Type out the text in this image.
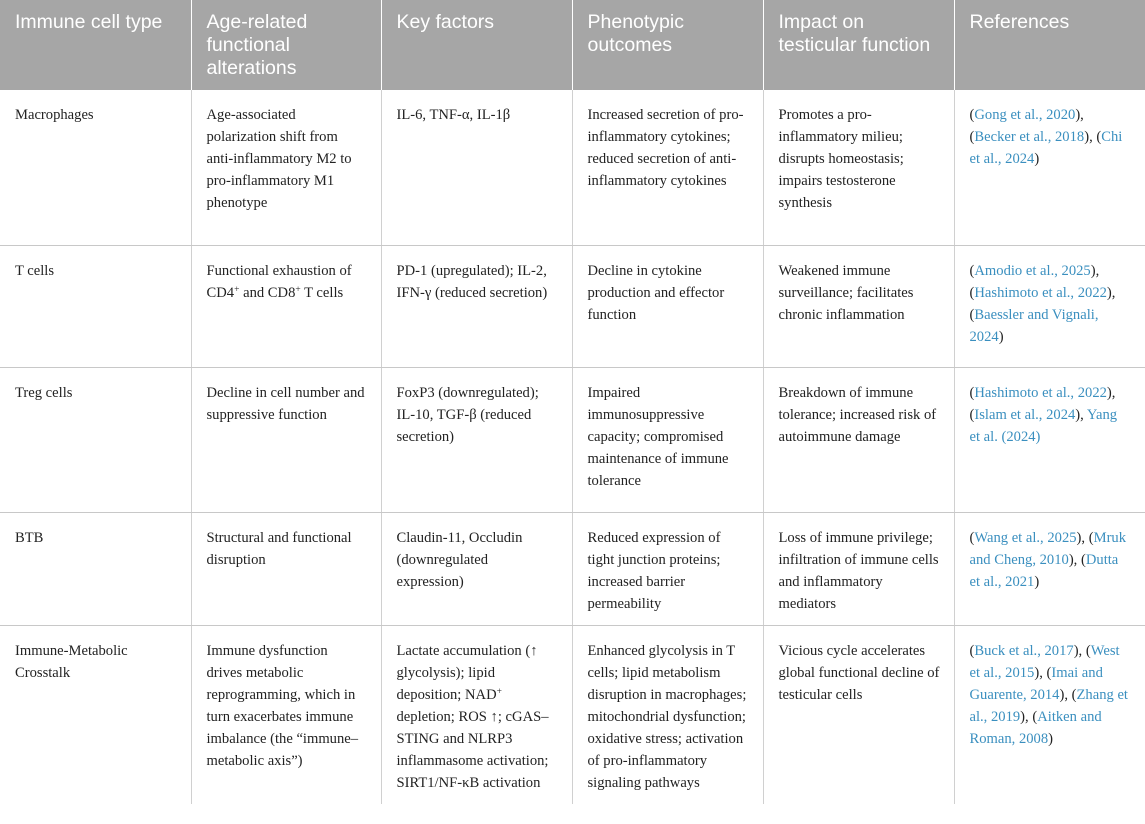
Immune cell type	Age-related functional alterations	Key factors	Phenotypic outcomes	Impact on testicular function	References
Macrophages	Age-associated polarization shift from anti-inflammatory M2 to pro-inflammatory M1 phenotype	IL-6, TNF-α, IL-1β	Increased secretion of pro-inflammatory cytokines; reduced secretion of anti-inflammatory cytokines	Promotes a pro-inflammatory milieu; disrupts homeostasis; impairs testosterone synthesis	(Gong et al., 2020), (Becker et al., 2018), (Chi et al., 2024)
T cells	Functional exhaustion of CD4+ and CD8+ T cells	PD-1 (upregulated); IL-2, IFN-γ (reduced secretion)	Decline in cytokine production and effector function	Weakened immune surveillance; facilitates chronic inflammation	(Amodio et al., 2025), (Hashimoto et al., 2022), (Baessler and Vignali, 2024)
Treg cells	Decline in cell number and suppressive function	FoxP3 (downregulated); IL-10, TGF-β (reduced secretion)	Impaired immunosuppressive capacity; compromised maintenance of immune tolerance	Breakdown of immune tolerance; increased risk of autoimmune damage	(Hashimoto et al., 2022), (Islam et al., 2024), Yang et al. (2024)
BTB	Structural and functional disruption	Claudin-11, Occludin (downregulated expression)	Reduced expression of tight junction proteins; increased barrier permeability	Loss of immune privilege; infiltration of immune cells and inflammatory mediators	(Wang et al., 2025), (Mruk and Cheng, 2010), (Dutta et al., 2021)
Immune-Metabolic Crosstalk	Immune dysfunction drives metabolic reprogramming, which in turn exacerbates immune imbalance (the “immune–metabolic axis”)	Lactate accumulation (↑ glycolysis); lipid deposition; NAD+ depletion; ROS ↑; cGAS–STING and NLRP3 inflammasome activation; SIRT1/NF-κB activation	Enhanced glycolysis in T cells; lipid metabolism disruption in macrophages; mitochondrial dysfunction; oxidative stress; activation of pro-inflammatory signaling pathways	Vicious cycle accelerates global functional decline of testicular cells	(Buck et al., 2017), (West et al., 2015), (Imai and Guarente, 2014), (Zhang et al., 2019), (Aitken and Roman, 2008)
